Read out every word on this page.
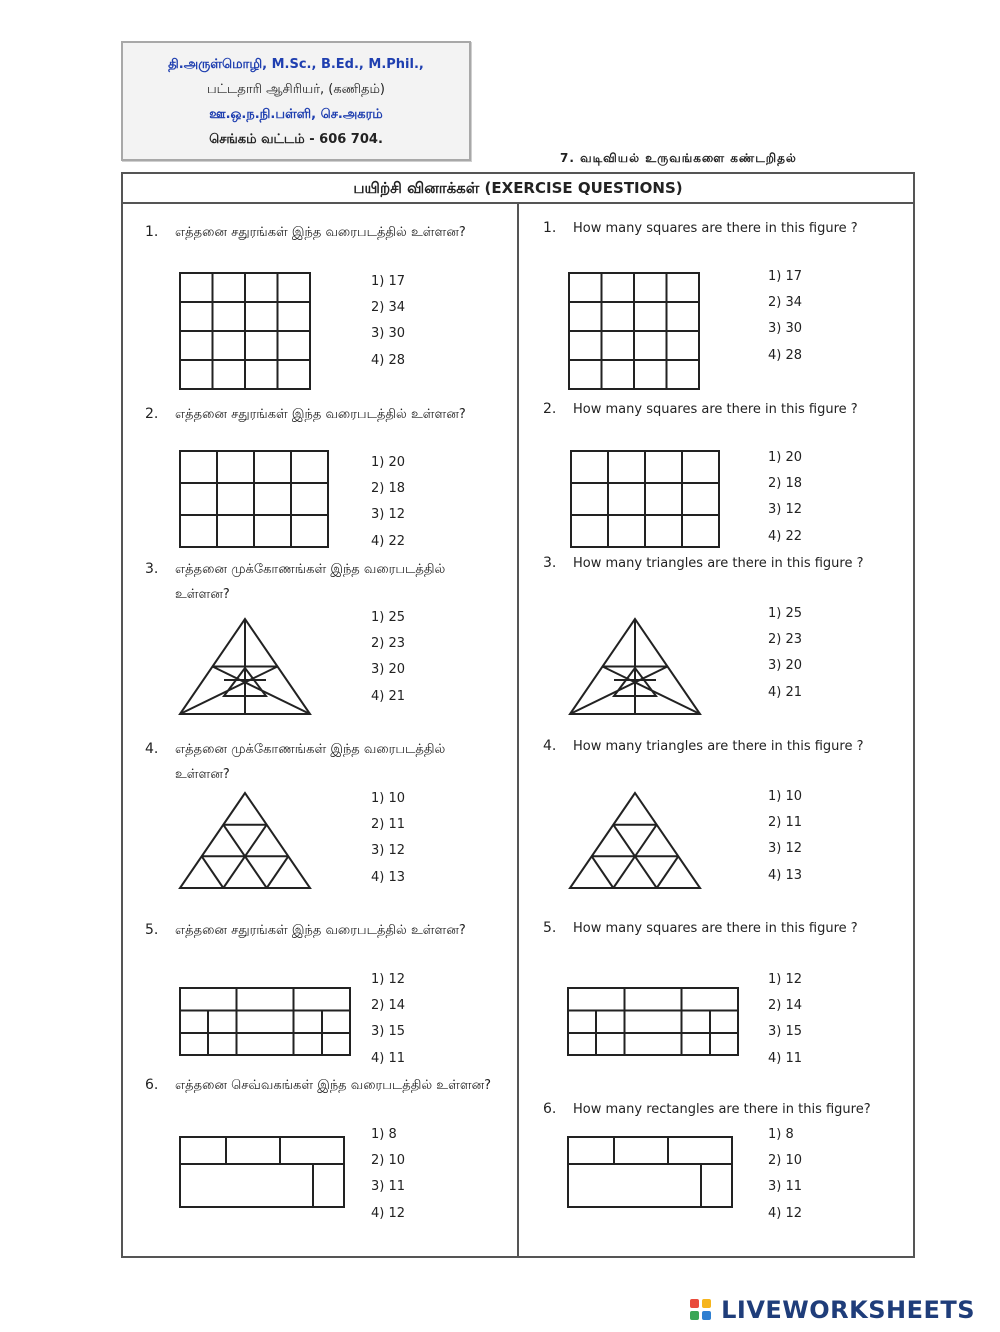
தி.அருள்மொழி, M.Sc., B.Ed., M.Phil.,
பட்டதாரி ஆசிரியர், (கணிதம்)
ஊ.ஒ.ந.நி.பள்ளி, செ.அகரம்
செங்கம் வட்டம் - 606 704.
7. வடிவியல் உருவங்களை கண்டறிதல்
பயிற்சி வினாக்கள் (EXERCISE QUESTIONS)
1. எத்தனை சதுரங்கள் இந்த வரைபடத்தில் உள்ளன?
1) 17
2) 34
3) 30
4) 28
2. எத்தனை சதுரங்கள் இந்த வரைபடத்தில் உள்ளன?
1) 20
2) 18
3) 12
4) 22
3. எத்தனை முக்கோணங்கள் இந்த வரைபடத்தில் உள்ளன?
1) 25
2) 23
3) 20
4) 21
4. எத்தனை முக்கோணங்கள் இந்த வரைபடத்தில் உள்ளன?
1) 10
2) 11
3) 12
4) 13
5. எத்தனை சதுரங்கள் இந்த வரைபடத்தில் உள்ளன?
1) 12
2) 14
3) 15
4) 11
6. எத்தனை செவ்வகங்கள் இந்த வரைபடத்தில் உள்ளன?
1) 8
2) 10
3) 11
4) 12
1. How many squares are there in this figure ?
1) 17
2) 34
3) 30
4) 28
2. How many squares are there in this figure ?
1) 20
2) 18
3) 12
4) 22
3. How many triangles are there in this figure ?
1) 25
2) 23
3) 20
4) 21
4. How many triangles are there in this figure ?
1) 10
2) 11
3) 12
4) 13
5. How many squares are there in this figure ?
1) 12
2) 14
3) 15
4) 11
6. How many rectangles are there in this figure?
1) 8
2) 10
3) 11
4) 12
LIVEWORKSHEETS
